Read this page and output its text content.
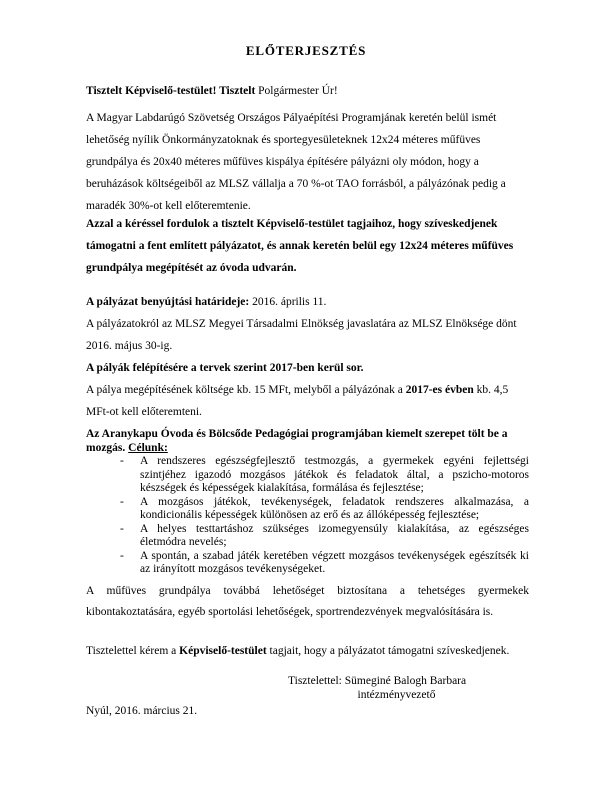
ELŐTERJESZTÉS
Tisztelt Képviselő-testület! Tisztelt Polgármester Úr!
A Magyar Labdarúgó Szövetség Országos Pályaépítési Programjának keretén belül ismét lehetőség nyílik Önkormányzatoknak és sportegyesületeknek 12x24 méteres műfüves grundpálya és 20x40 méteres műfüves kispálya építésére pályázni oly módon, hogy a beruházások költségeiből az MLSZ vállalja a 70 %-ot TAO forrásból, a pályázónak pedig a maradék 30%-ot kell előteremtenie.
Azzal a kéréssel fordulok a tisztelt Képviselő-testület tagjaihoz, hogy szíveskedjenek támogatni a fent említett pályázatot, és annak keretén belül egy 12x24 méteres műfüves grundpálya megépítését az óvoda udvarán.
A pályázat benyújtási határideje: 2016. április 11.
A pályázatokról az MLSZ Megyei Társadalmi Elnökség javaslatára az MLSZ Elnöksége dönt 2016. május 30-ig.
A pályák felépítésére a tervek szerint 2017-ben kerül sor.
A pálya megépítésének költsége kb. 15 MFt, melyből a pályázónak a 2017-es évben kb. 4,5 MFt-ot kell előteremteni.
Az Aranykapu Óvoda és Bölcsőde Pedagógiai programjában kiemelt szerepet tölt be a mozgás. Célunk:
-	A rendszeres egészségfejlesztő testmozgás, a gyermekek egyéni fejlettségi szintjéhez igazodó mozgásos játékok és feladatok által, a pszicho-motoros készségek és képességek kialakítása, formálása és fejlesztése;
-	A mozgásos játékok, tevékenységek, feladatok rendszeres alkalmazása, a kondicionális képességek különösen az erő és az állóképesség fejlesztése;
-	A helyes testtartáshoz szükséges izomegyensúly kialakítása, az egészséges életmódra nevelés;
-	A spontán, a szabad játék keretében végzett mozgásos tevékenységek egészítsék ki az irányított mozgásos tevékenységeket.
A műfüves grundpálya továbbá lehetőséget biztosítana a tehetséges gyermekek kibontakoztatására, egyéb sportolási lehetőségek, sportrendezvények megvalósítására is.
Tisztelettel kérem a Képviselő-testület tagjait, hogy a pályázatot támogatni szíveskedjenek.
Tisztelettel: Sümeginé Balogh Barbara
intézményvezető
Nyúl, 2016. március 21.
